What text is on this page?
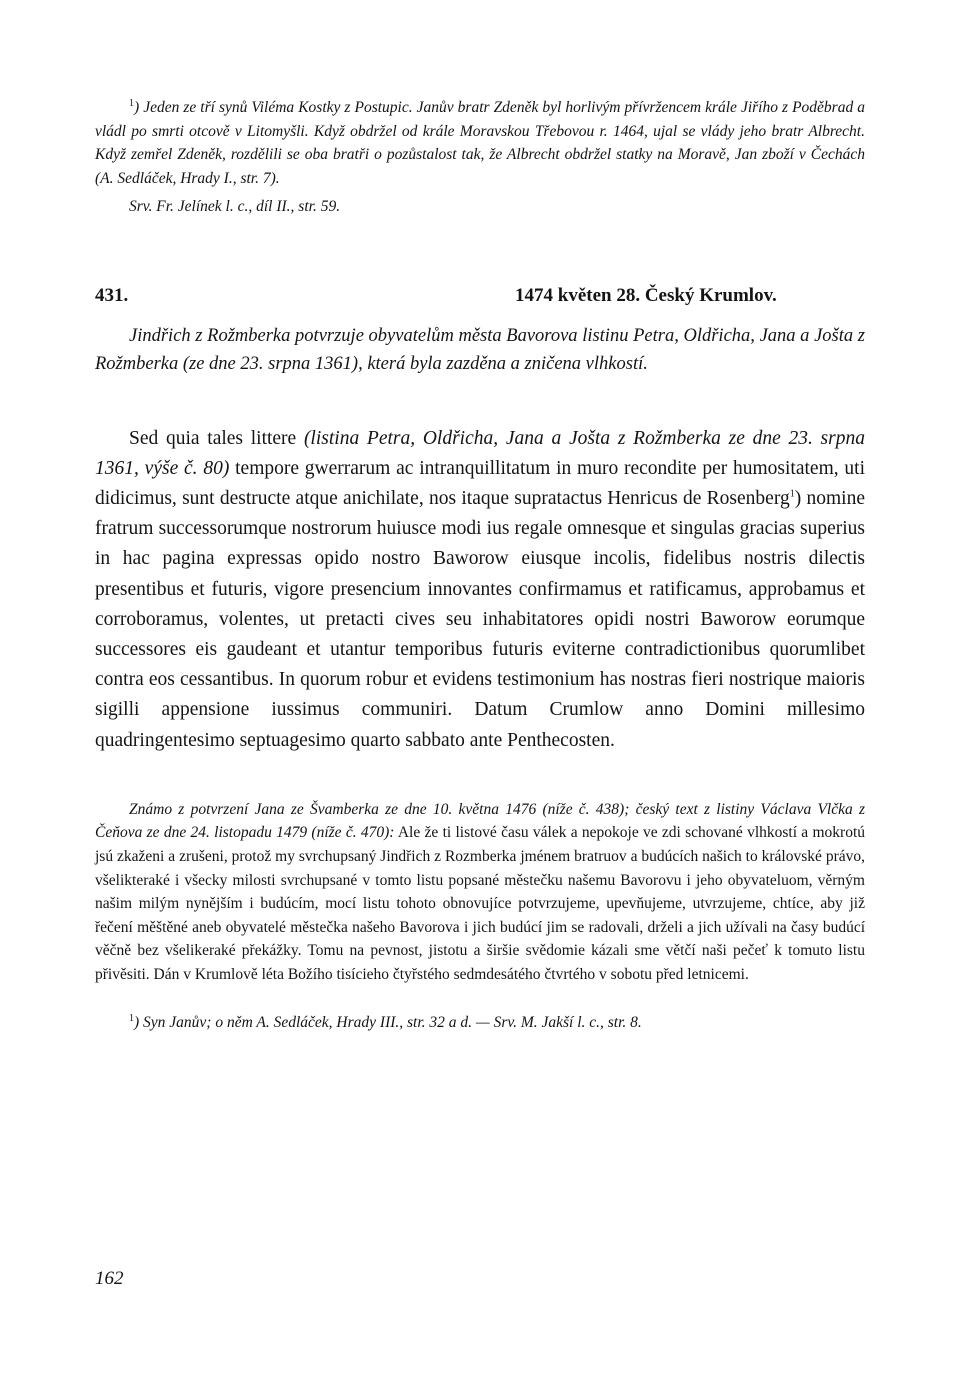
$^1$) Jeden ze tří synů Viléma Kostky z Postupic. Janův bratr Zdeněk byl horlivým přívržencem krále Jiřího z Poděbrad a vládl po smrti otcově v Litomyšli. Když obdržel od krále Moravskou Třebovou r. 1464, ujal se vlády jeho bratr Albrecht. Když zemřel Zdeněk, rozdělili se oba bratři o pozůstalost tak, že Albrecht obdržel statky na Moravě, Jan zboží v Čechách (A. Sedláček, Hrady I., str. 7).

Srv. Fr. Jelínek l. c., díl II., str. 59.

431.	1474 květen 28. Český Krumlov.

Jindřich z Rožmberka potvrzuje obyvatelům města Bavorova listinu Petra, Oldřicha, Jana a Jošta z Rožmberka (ze dne 23. srpna 1361), která byla zazděna a zničena vlhkostí.

Sed quia tales littere (listina Petra, Oldřicha, Jana a Jošta z Rožmberka ze dne 23. srpna 1361, výše č. 80) tempore gwerrarum ac intranquillitatum in muro recondite per humositatem, uti didicimus, sunt destructe atque anichilate, nos itaque supratactus Henricus de Rosenberg$^1$) nomine fratrum successorumque nostrorum huiusce modi ius regale omnesque et singulas gracias superius in hac pagina expressas opido nostro Baworow eiusque incolis, fidelibus nostris dilectis presentibus et futuris, vigore presencium innovantes confirmamus et ratificamus, approbamus et corroboramus, volentes, ut pretacti cives seu inhabitatores opidi nostri Baworow eorumque successores eis gaudeant et utantur temporibus futuris eviterne contradictionibus quorumlibet contra eos cessantibus. In quorum robur et evidens testimonium has nostras fieri nostrique maioris sigilli appensione iussimus communiri. Datum Crumlow anno Domini millesimo quadringentesimo septuagesimo quarto sabbato ante Penthecosten.

Známo z potvrzení Jana ze Švamberka ze dne 10. května 1476 (níže č. 438); český text z listiny Václava Vlčka z Čeňova ze dne 24. listopadu 1479 (níže č. 470): Ale že ti listové času válek a nepokoje ve zdi schované vlhkostí a mokrotú jsú zkaženi a zrušeni, protož my svrchupsaný Jindřich z Rozmberka jménem bratruov a budúcích našich to královské právo, všelikteraké i všecky milosti svrchupsané v tomto listu popsané městečku našemu Bavorovu i jeho obyvateluom, věrným našim milým nynějším i budúcím, mocí listu tohoto obnovujíce potvrzujeme, upevňujeme, utvrzujeme, chtíce, aby již řečení měštěné aneb obyvatelé městečka našeho Bavorova i jich budúcí jim se radovali, drželi a jich užívali na časy budúcí věčně bez všelikeraké překážky. Tomu na pevnost, jistotu a širšie svědomie kázali sme větčí naši pečeť k tomuto listu přivěsiti. Dán v Krumlově léta Božího tisícieho čtyřstého sedmdesátého čtvrtého v sobotu před letnicemi.

$^1$) Syn Janův; o něm A. Sedláček, Hrady III., str. 32 a d. — Srv. M. Jakší l. c., str. 8.

162
